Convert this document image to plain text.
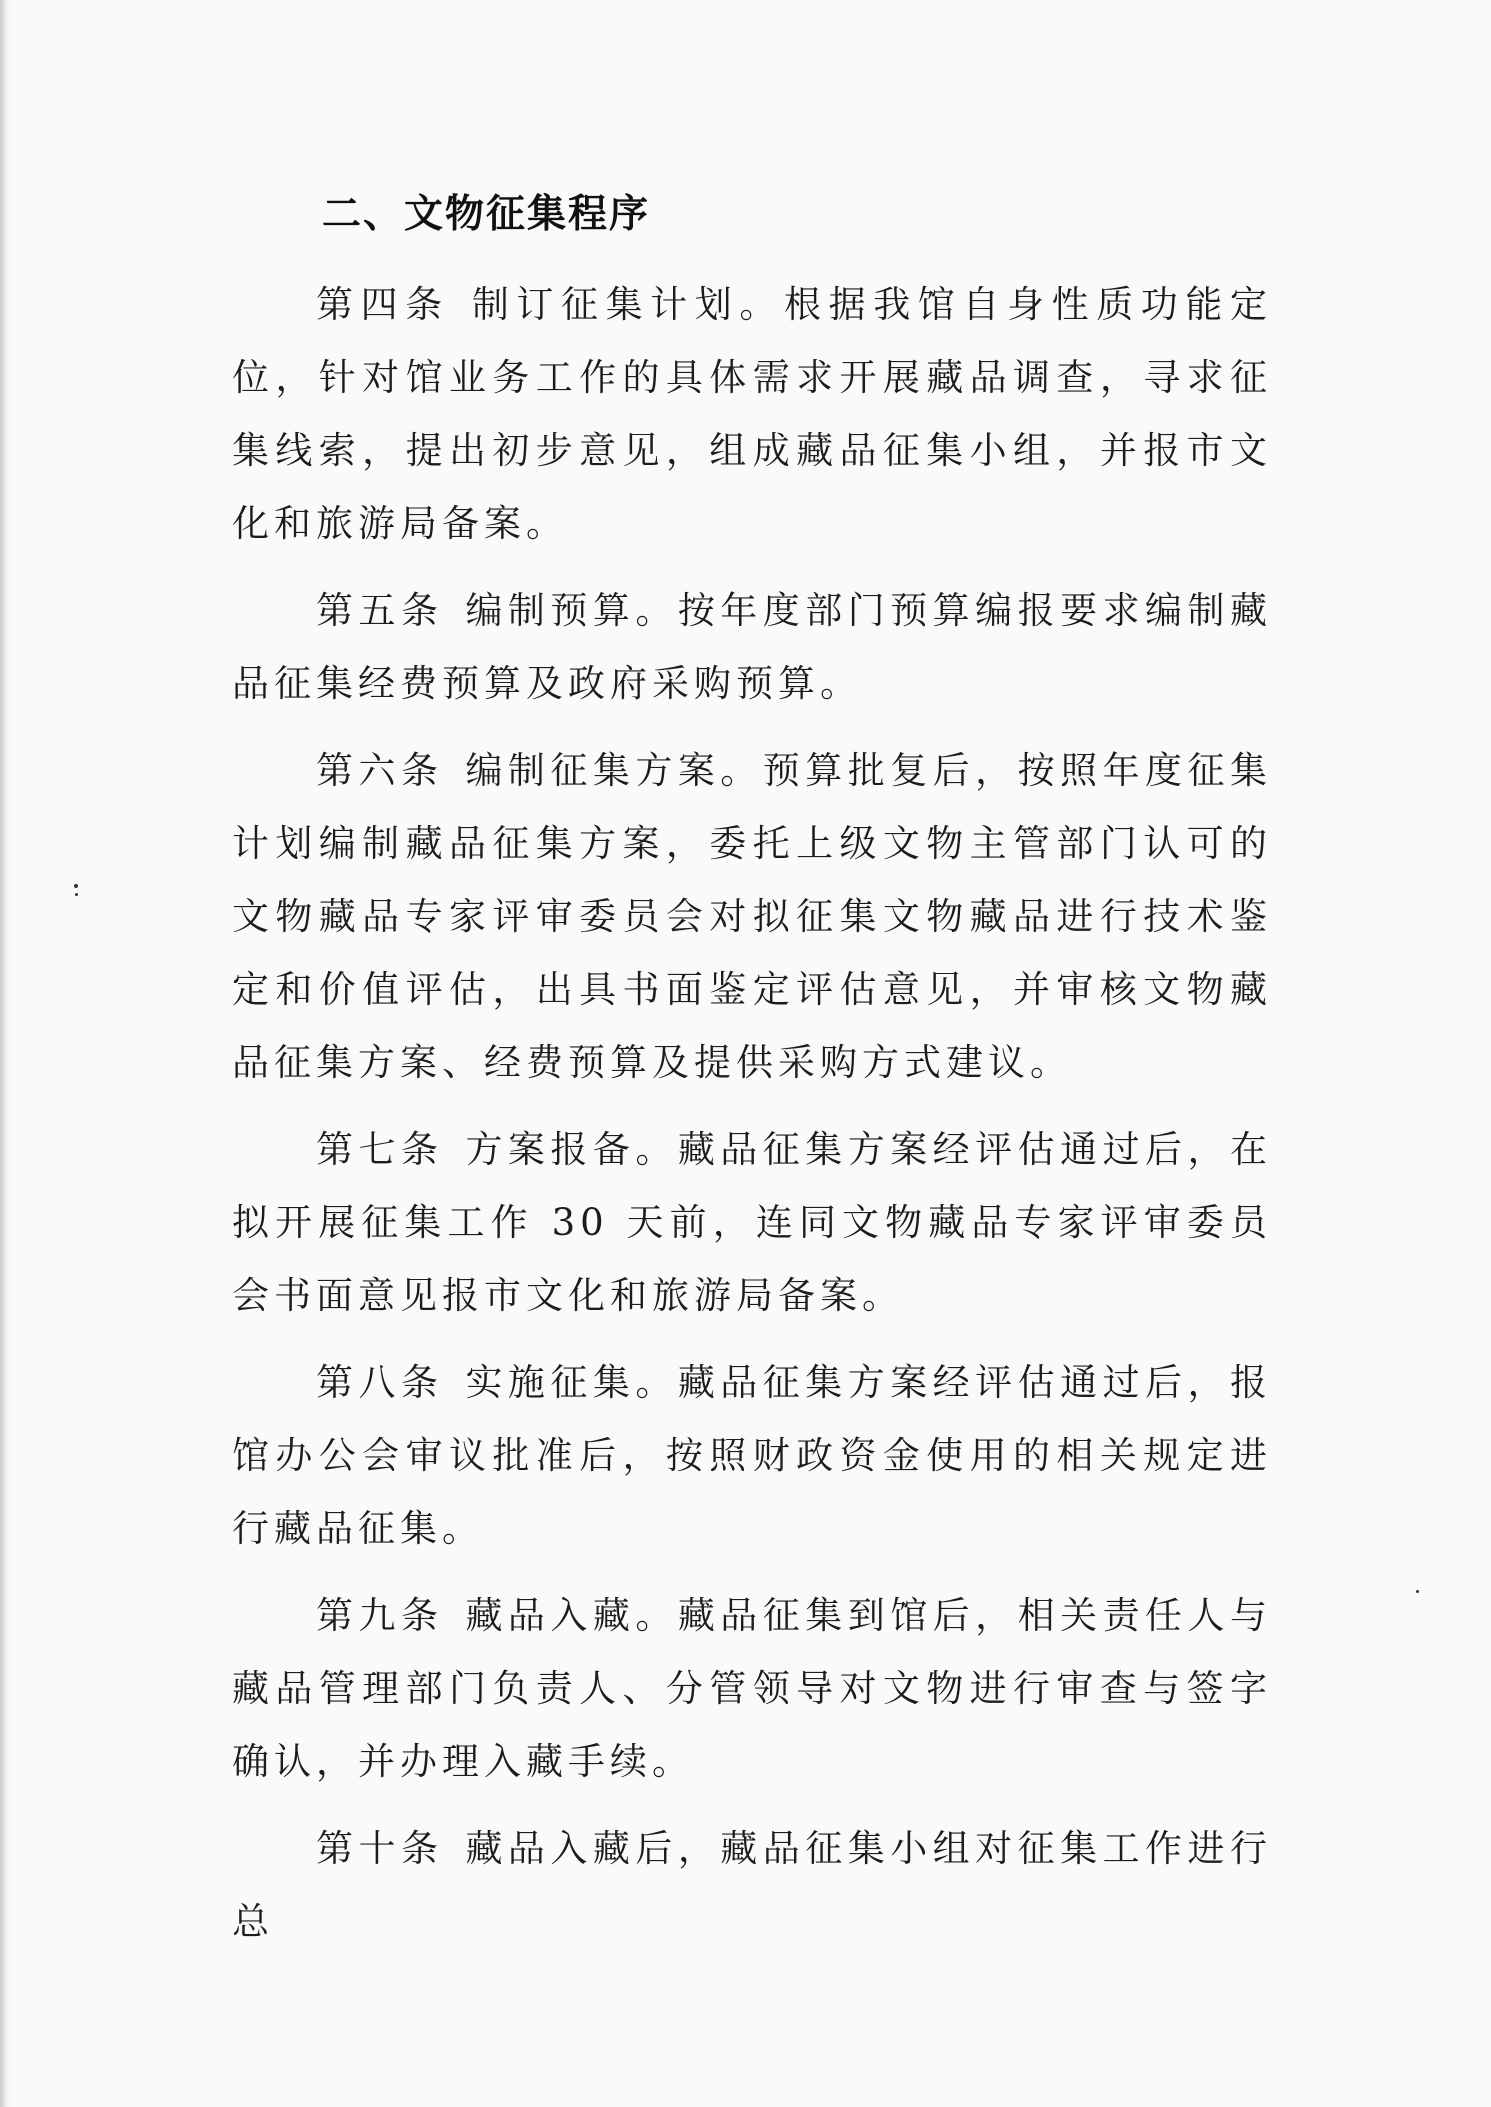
二、文物征集程序

第四条 制订征集计划。根据我馆自身性质功能定位，针对馆业务工作的具体需求开展藏品调查，寻求征集线索，提出初步意见，组成藏品征集小组，并报市文化和旅游局备案。

第五条 编制预算。按年度部门预算编报要求编制藏品征集经费预算及政府采购预算。

第六条 编制征集方案。预算批复后，按照年度征集计划编制藏品征集方案，委托上级文物主管部门认可的文物藏品专家评审委员会对拟征集文物藏品进行技术鉴定和价值评估，出具书面鉴定评估意见，并审核文物藏品征集方案、经费预算及提供采购方式建议。

第七条 方案报备。藏品征集方案经评估通过后，在拟开展征集工作 30 天前，连同文物藏品专家评审委员会书面意见报市文化和旅游局备案。

第八条 实施征集。藏品征集方案经评估通过后，报馆办公会审议批准后，按照财政资金使用的相关规定进行藏品征集。

第九条 藏品入藏。藏品征集到馆后，相关责任人与藏品管理部门负责人、分管领导对文物进行审查与签字确认，并办理入藏手续。

第十条 藏品入藏后，藏品征集小组对征集工作进行总
